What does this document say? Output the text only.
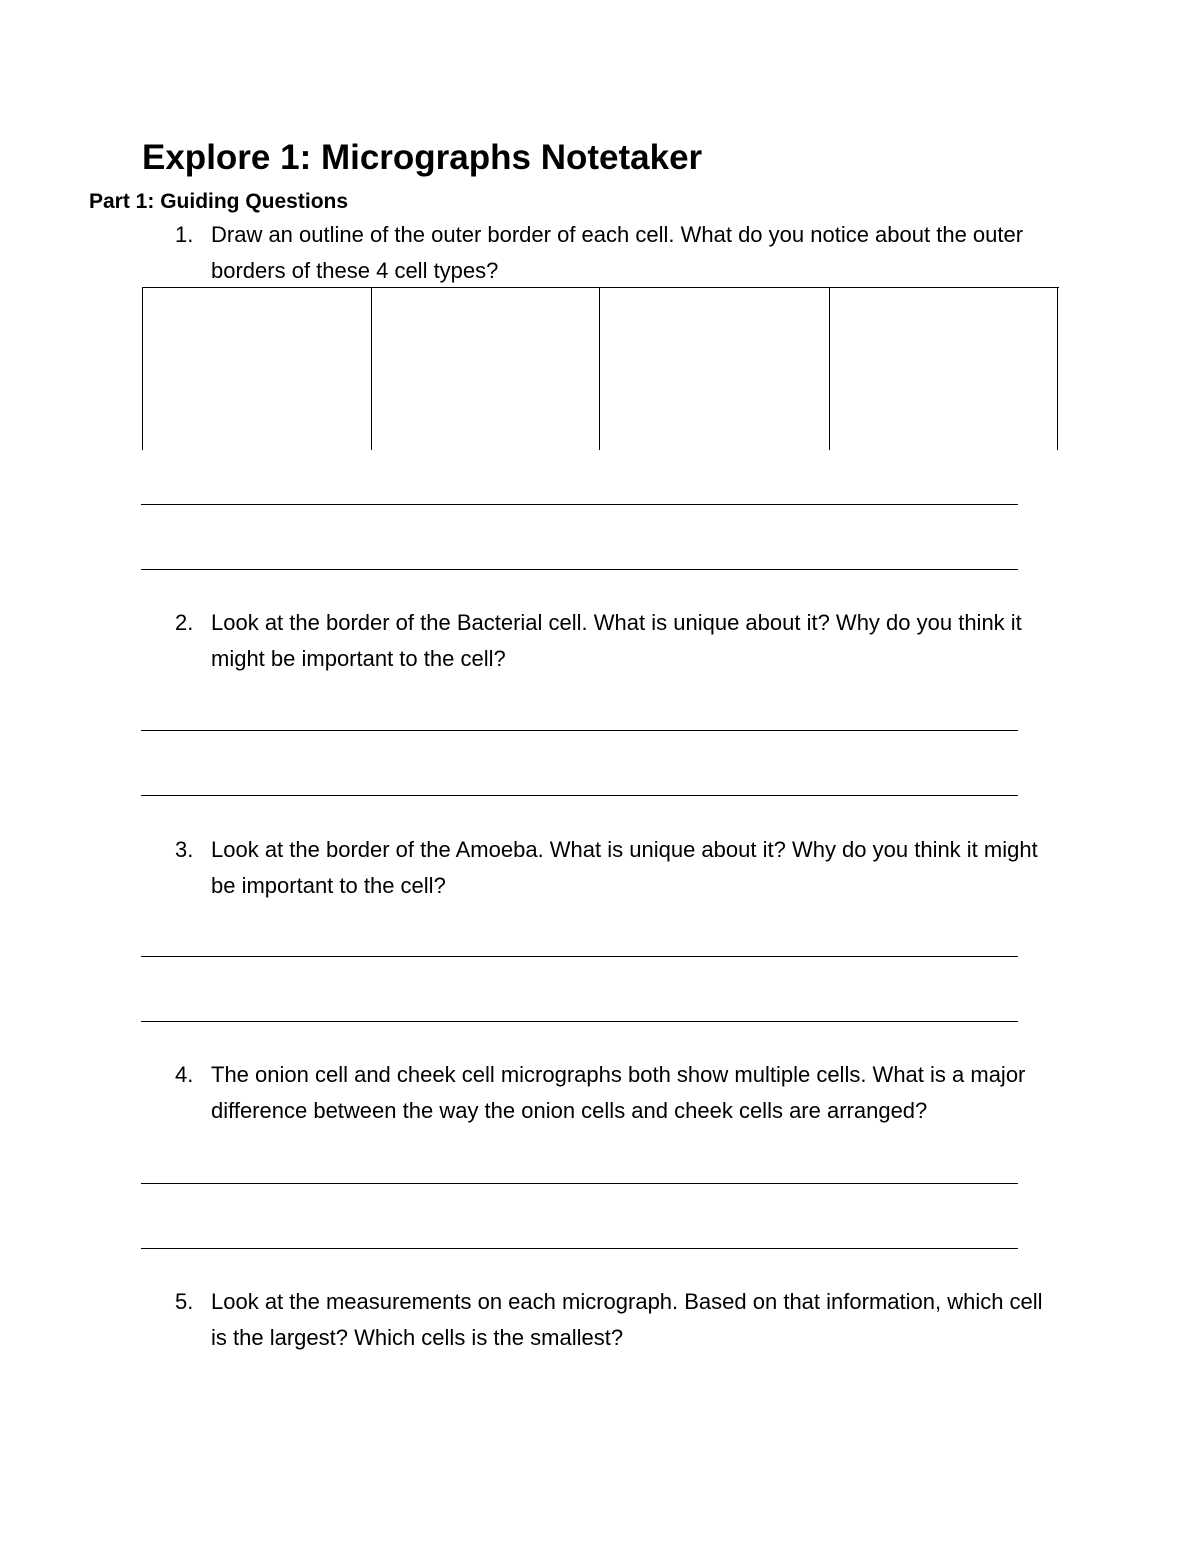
Explore 1: Micrographs Notetaker
Part 1: Guiding Questions
1. Draw an outline of the outer border of each cell. What do you notice about the outer borders of these 4 cell types?
2. Look at the border of the Bacterial cell. What is unique about it? Why do you think it might be important to the cell?
3. Look at the border of the Amoeba. What is unique about it? Why do you think it might be important to the cell?
4. The onion cell and cheek cell micrographs both show multiple cells. What is a major difference between the way the onion cells and cheek cells are arranged?
5. Look at the measurements on each micrograph. Based on that information, which cell is the largest? Which cells is the smallest?
